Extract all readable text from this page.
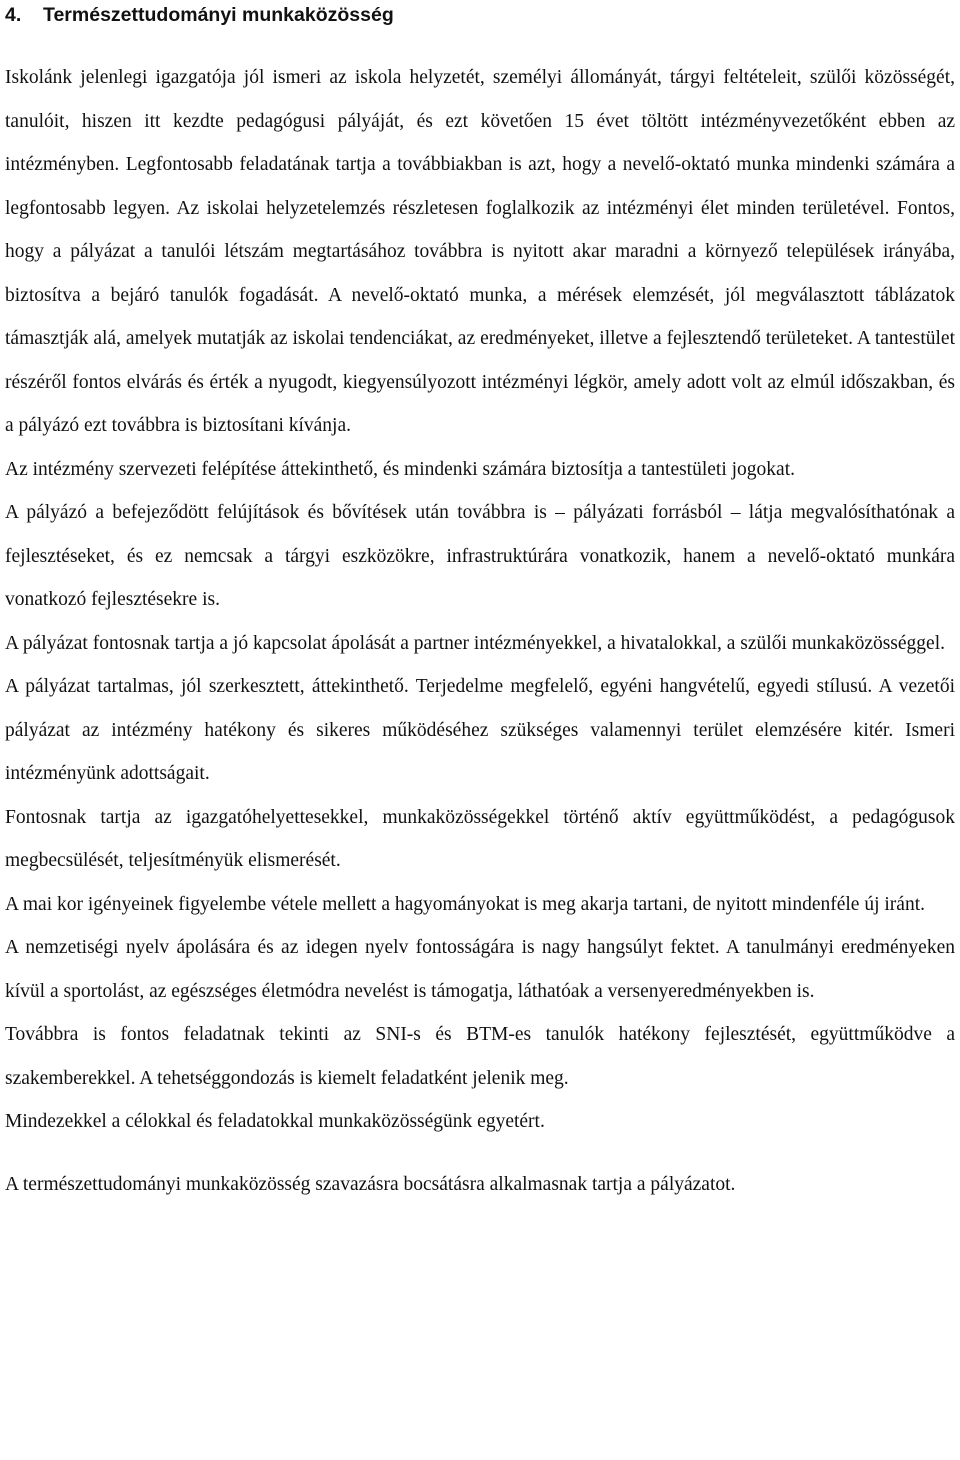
4. Természettudományi munkaközösség

Iskolánk jelenlegi igazgatója jól ismeri az iskola helyzetét, személyi állományát, tárgyi feltételeit, szülői közösségét, tanulóit, hiszen itt kezdte pedagógusi pályáját, és ezt követően 15 évet töltött intézményvezetőként ebben az intézményben. Legfontosabb feladatának tartja a továbbiakban is azt, hogy a nevelő-oktató munka mindenki számára a legfontosabb legyen. Az iskolai helyzetelemzés részletesen foglalkozik az intézményi élet minden területével. Fontos, hogy a pályázat a tanulói létszám megtartásához továbbra is nyitott akar maradni a környező települések irányába, biztosítva a bejáró tanulók fogadását. A nevelő-oktató munka, a mérések elemzését, jól megválasztott táblázatok támasztják alá, amelyek mutatják az iskolai tendenciákat, az eredményeket, illetve a fejlesztendő területeket. A tantestület részéről fontos elvárás és érték a nyugodt, kiegyensúlyozott intézményi légkör, amely adott volt az elmúl időszakban, és a pályázó ezt továbbra is biztosítani kívánja.

Az intézmény szervezeti felépítése áttekinthető, és mindenki számára biztosítja a tantestületi jogokat.

A pályázó a befejeződött felújítások és bővítések után továbbra is – pályázati forrásból – látja megvalósíthatónak a fejlesztéseket, és ez nemcsak a tárgyi eszközökre, infrastruktúrára vonatkozik, hanem a nevelő-oktató munkára vonatkozó fejlesztésekre is.

A pályázat fontosnak tartja a jó kapcsolat ápolását a partner intézményekkel, a hivatalokkal, a szülői munkaközösséggel.

A pályázat tartalmas, jól szerkesztett, áttekinthető. Terjedelme megfelelő, egyéni hangvételű, egyedi stílusú. A vezetői pályázat az intézmény hatékony és sikeres működéséhez szükséges valamennyi terület elemzésére kitér. Ismeri intézményünk adottságait.

Fontosnak tartja az igazgatóhelyettesekkel, munkaközösségekkel történő aktív együttműködést, a pedagógusok megbecsülését, teljesítményük elismerését.

A mai kor igényeinek figyelembe vétele mellett a hagyományokat is meg akarja tartani, de nyitott mindenféle új iránt.

A nemzetiségi nyelv ápolására és az idegen nyelv fontosságára is nagy hangsúlyt fektet. A tanulmányi eredményeken kívül a sportolást, az egészséges életmódra nevelést is támogatja, láthatóak a versenyeredményekben is.

Továbbra is fontos feladatnak tekinti az SNI-s és BTM-es tanulók hatékony fejlesztését, együttműködve a szakemberekkel. A tehetséggondozás is kiemelt feladatként jelenik meg.

Mindezekkel a célokkal és feladatokkal munkaközösségünk egyetért.

A természettudományi munkaközösség szavazásra bocsátásra alkalmasnak tartja a pályázatot.
